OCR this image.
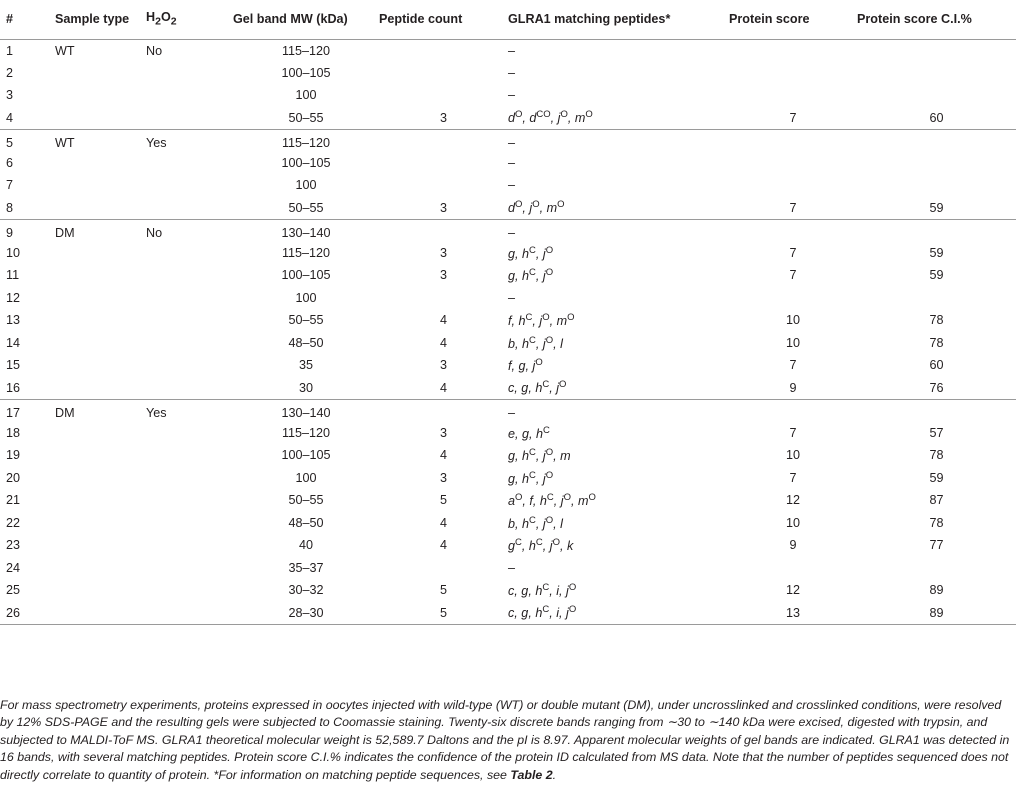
#	Sample type	$H_2O_2$	Gel band MW (kDa)	Peptide count	GLRA1 matching peptides*	Protein score	Protein score C.I.%
1	WT	No	115–120		–		
2			100–105		–		
3			100		–		
4			50–55	3	$d^O$, $d^{CO}$, $j^O$, $m^O$	7	60
5	WT	Yes	115–120		–		
6			100–105		–		
7			100		–		
8			50–55	3	$d^O$, $j^O$, $m^O$	7	59
9	DM	No	130–140		–		
10			115–120	3	g, $h^C$, $j^O$	7	59
11			100–105	3	g, $h^C$, $j^O$	7	59
12			100		–		
13			50–55	4	f, $h^C$, $j^O$, $m^O$	10	78
14			48–50	4	b, $h^C$, $j^O$, l	10	78
15			35	3	f, g, $j^O$	7	60
16			30	4	c, g, $h^C$, $j^O$	9	76
17	DM	Yes	130–140		–		
18			115–120	3	e, g, $h^C$	7	57
19			100–105	4	g, $h^C$, $j^O$, m	10	78
20			100	3	g, $h^C$, $j^O$	7	59
21			50–55	5	$a^O$, f, $h^C$, $j^O$, $m^O$	12	87
22			48–50	4	b, $h^C$, $j^O$, l	10	78
23			40	4	$g^C$, $h^C$, $j^O$, k	9	77
24			35–37		–		
25			30–32	5	c, g, $h^C$, i, $j^O$	12	89
26			28–30	5	c, g, $h^C$, i, $j^O$	13	89
For mass spectrometry experiments, proteins expressed in oocytes injected with wild-type (WT) or double mutant (DM), under uncrosslinked and crosslinked conditions, were resolved by 12% SDS-PAGE and the resulting gels were subjected to Coomassie staining. Twenty-six discrete bands ranging from ∼30 to ∼140 kDa were excised, digested with trypsin, and subjected to MALDI-ToF MS. GLRA1 theoretical molecular weight is 52,589.7 Daltons and the pI is 8.97. Apparent molecular weights of gel bands are indicated. GLRA1 was detected in 16 bands, with several matching peptides. Protein score C.I.% indicates the confidence of the protein ID calculated from MS data. Note that the number of peptides sequenced does not directly correlate to quantity of protein. *For information on matching peptide sequences, see Table 2.
